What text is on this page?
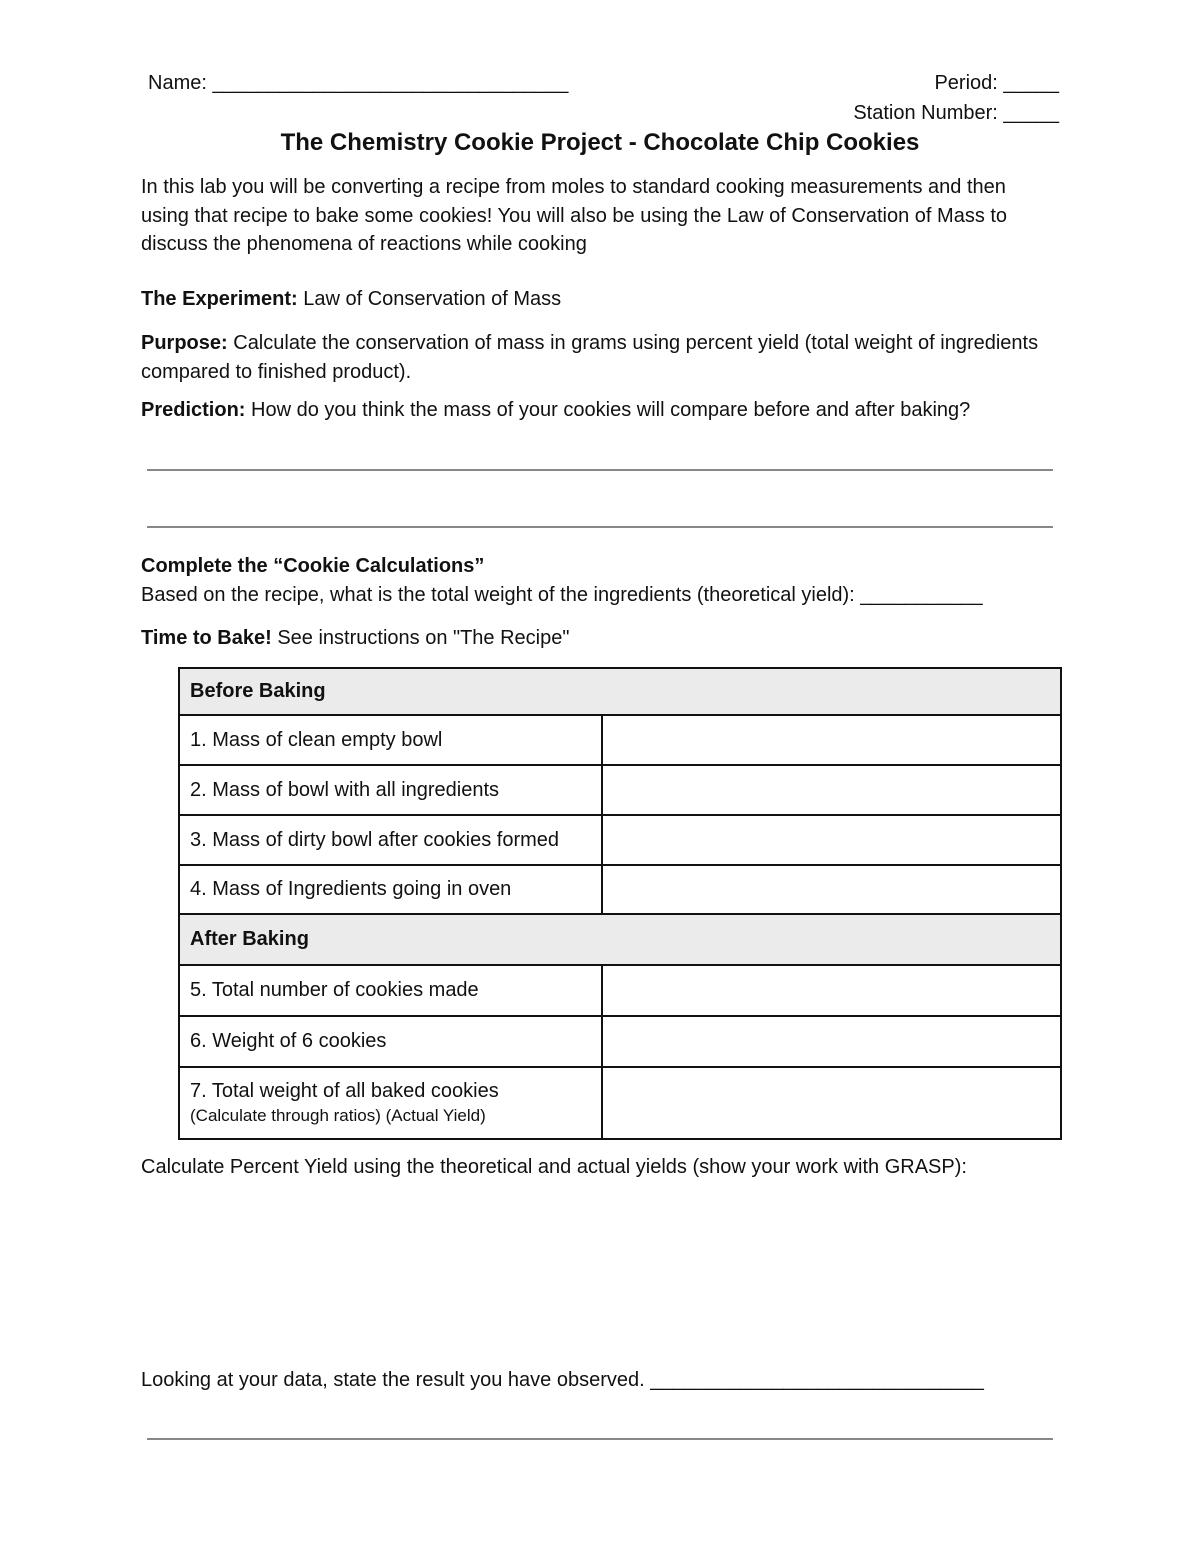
Name: ________________________________	Period: _____
Station Number: _____
The Chemistry Cookie Project - Chocolate Chip Cookies
In this lab you will be converting a recipe from moles to standard cooking measurements and then using that recipe to bake some cookies! You will also be using the Law of Conservation of Mass to discuss the phenomena of reactions while cooking
The Experiment: Law of Conservation of Mass
Purpose: Calculate the conservation of mass in grams using percent yield (total weight of ingredients compared to finished product).
Prediction: How do you think the mass of your cookies will compare before and after baking?
Complete the “Cookie Calculations”
Based on the recipe, what is the total weight of the ingredients (theoretical yield): ___________
Time to Bake! See instructions on "The Recipe"
Before Baking	
1. Mass of clean empty bowl	
2. Mass of bowl with all ingredients	
3. Mass of dirty bowl after cookies formed	
4. Mass of Ingredients going in oven	
After Baking	
5. Total number of cookies made	
6. Weight of 6 cookies	
7. Total weight of all baked cookies
(Calculate through ratios) (Actual Yield)	

Calculate Percent Yield using the theoretical and actual yields (show your work with GRASP):
Looking at your data, state the result you have observed. ______________________________
